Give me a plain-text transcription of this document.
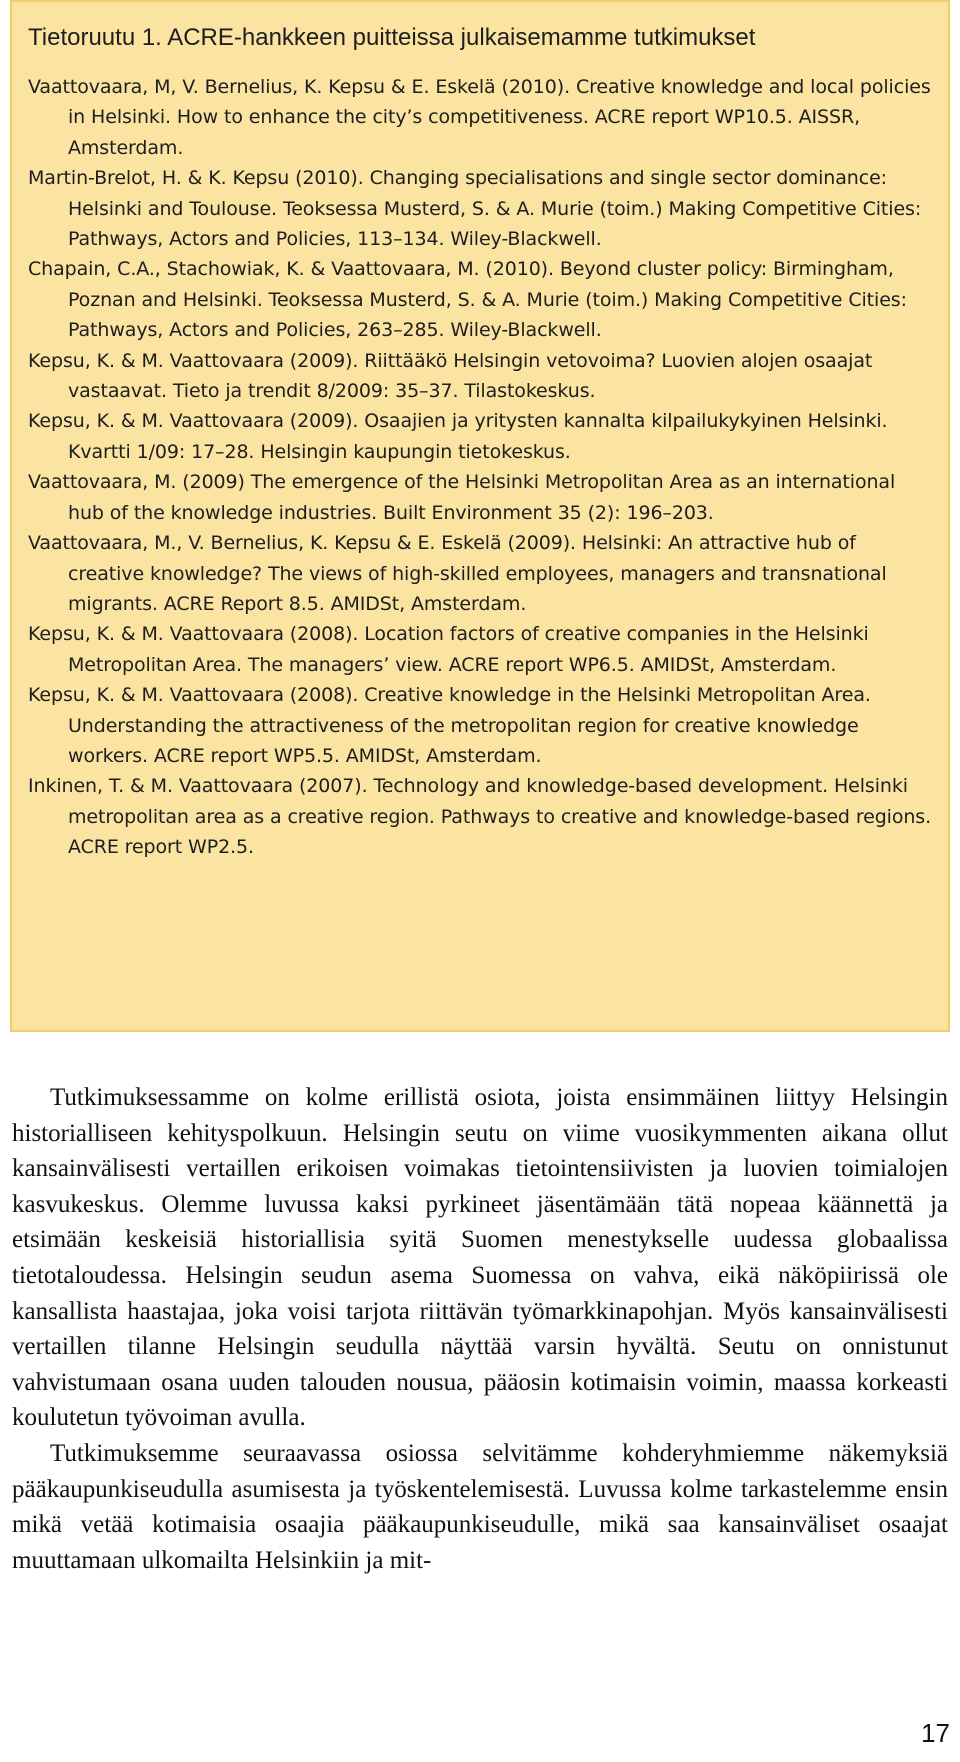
Tietoruutu 1. ACRE-hankkeen puitteissa julkaisemamme tutkimukset

Vaattovaara, M, V. Bernelius, K. Kepsu & E. Eskelä (2010). Creative knowledge and local policies in Helsinki. How to enhance the city’s competitiveness. ACRE report WP10.5. AISSR, Amsterdam.

Martin-Brelot, H. & K. Kepsu (2010). Changing specialisations and single sector dominance: Helsinki and Toulouse. Teoksessa Musterd, S. & A. Murie (toim.) Making Competitive Cities: Pathways, Actors and Policies, 113–134. Wiley-Blackwell.

Chapain, C.A., Stachowiak, K. & Vaattovaara, M. (2010). Beyond cluster policy: Birmingham, Poznan and Helsinki. Teoksessa Musterd, S. & A. Murie (toim.) Making Competitive Cities: Pathways, Actors and Policies, 263–285. Wiley-Blackwell.

Kepsu, K. & M. Vaattovaara (2009). Riittääkö Helsingin vetovoima? Luovien alojen osaajat vastaavat. Tieto ja trendit 8/2009: 35–37. Tilastokeskus.

Kepsu, K. & M. Vaattovaara (2009). Osaajien ja yritysten kannalta kilpailukykyinen Helsinki. Kvartti 1/09: 17–28. Helsingin kaupungin tietokeskus.

Vaattovaara, M. (2009) The emergence of the Helsinki Metropolitan Area as an international hub of the knowledge industries. Built Environment 35 (2): 196–203.

Vaattovaara, M., V. Bernelius, K. Kepsu & E. Eskelä (2009). Helsinki: An attractive hub of creative knowledge? The views of high-skilled employees, managers and transnational migrants. ACRE Report 8.5. AMIDSt, Amsterdam.

Kepsu, K. & M. Vaattovaara (2008). Location factors of creative companies in the Helsinki Metropolitan Area. The managers’ view. ACRE report WP6.5. AMIDSt, Amsterdam.

Kepsu, K. & M. Vaattovaara (2008). Creative knowledge in the Helsinki Metropolitan Area. Understanding the attractiveness of the metropolitan region for creative knowledge workers. ACRE report WP5.5. AMIDSt, Amsterdam.

Inkinen, T. & M. Vaattovaara (2007). Technology and knowledge-based development. Helsinki metropolitan area as a creative region. Pathways to creative and knowledge-based regions. ACRE report WP2.5.

Tutkimuksessamme on kolme erillistä osiota, joista ensimmäinen liittyy Helsingin historialliseen kehityspolkuun. Helsingin seutu on viime vuosikymmenten aikana ollut kansainvälisesti vertaillen erikoisen voimakas tietointensiivisten ja luovien toimialojen kasvukeskus. Olemme luvussa kaksi pyrkineet jäsentämään tätä nopeaa käännettä ja etsimään keskeisiä historiallisia syitä Suomen menestykselle uudessa globaalissa tietotaloudessa. Helsingin seudun asema Suomessa on vahva, eikä näköpiirissä ole kansallista haastajaa, joka voisi tarjota riittävän työmarkkinapohjan. Myös kansainvälisesti vertaillen tilanne Helsingin seudulla näyttää varsin hyvältä. Seutu on onnistunut vahvistumaan osana uuden talouden nousua, pääosin kotimaisin voimin, maassa korkeasti koulutetun työvoiman avulla.

Tutkimuksemme seuraavassa osiossa selvitämme kohderyhmiemme näkemyksiä pääkaupunkiseudulla asumisesta ja työskentelemisestä. Luvussa kolme tarkastelemme ensin mikä vetää kotimaisia osaajia pääkaupunkiseudulle, mikä saa kansainväliset osaajat muuttamaan ulkomailta Helsinkiin ja mit-

17
